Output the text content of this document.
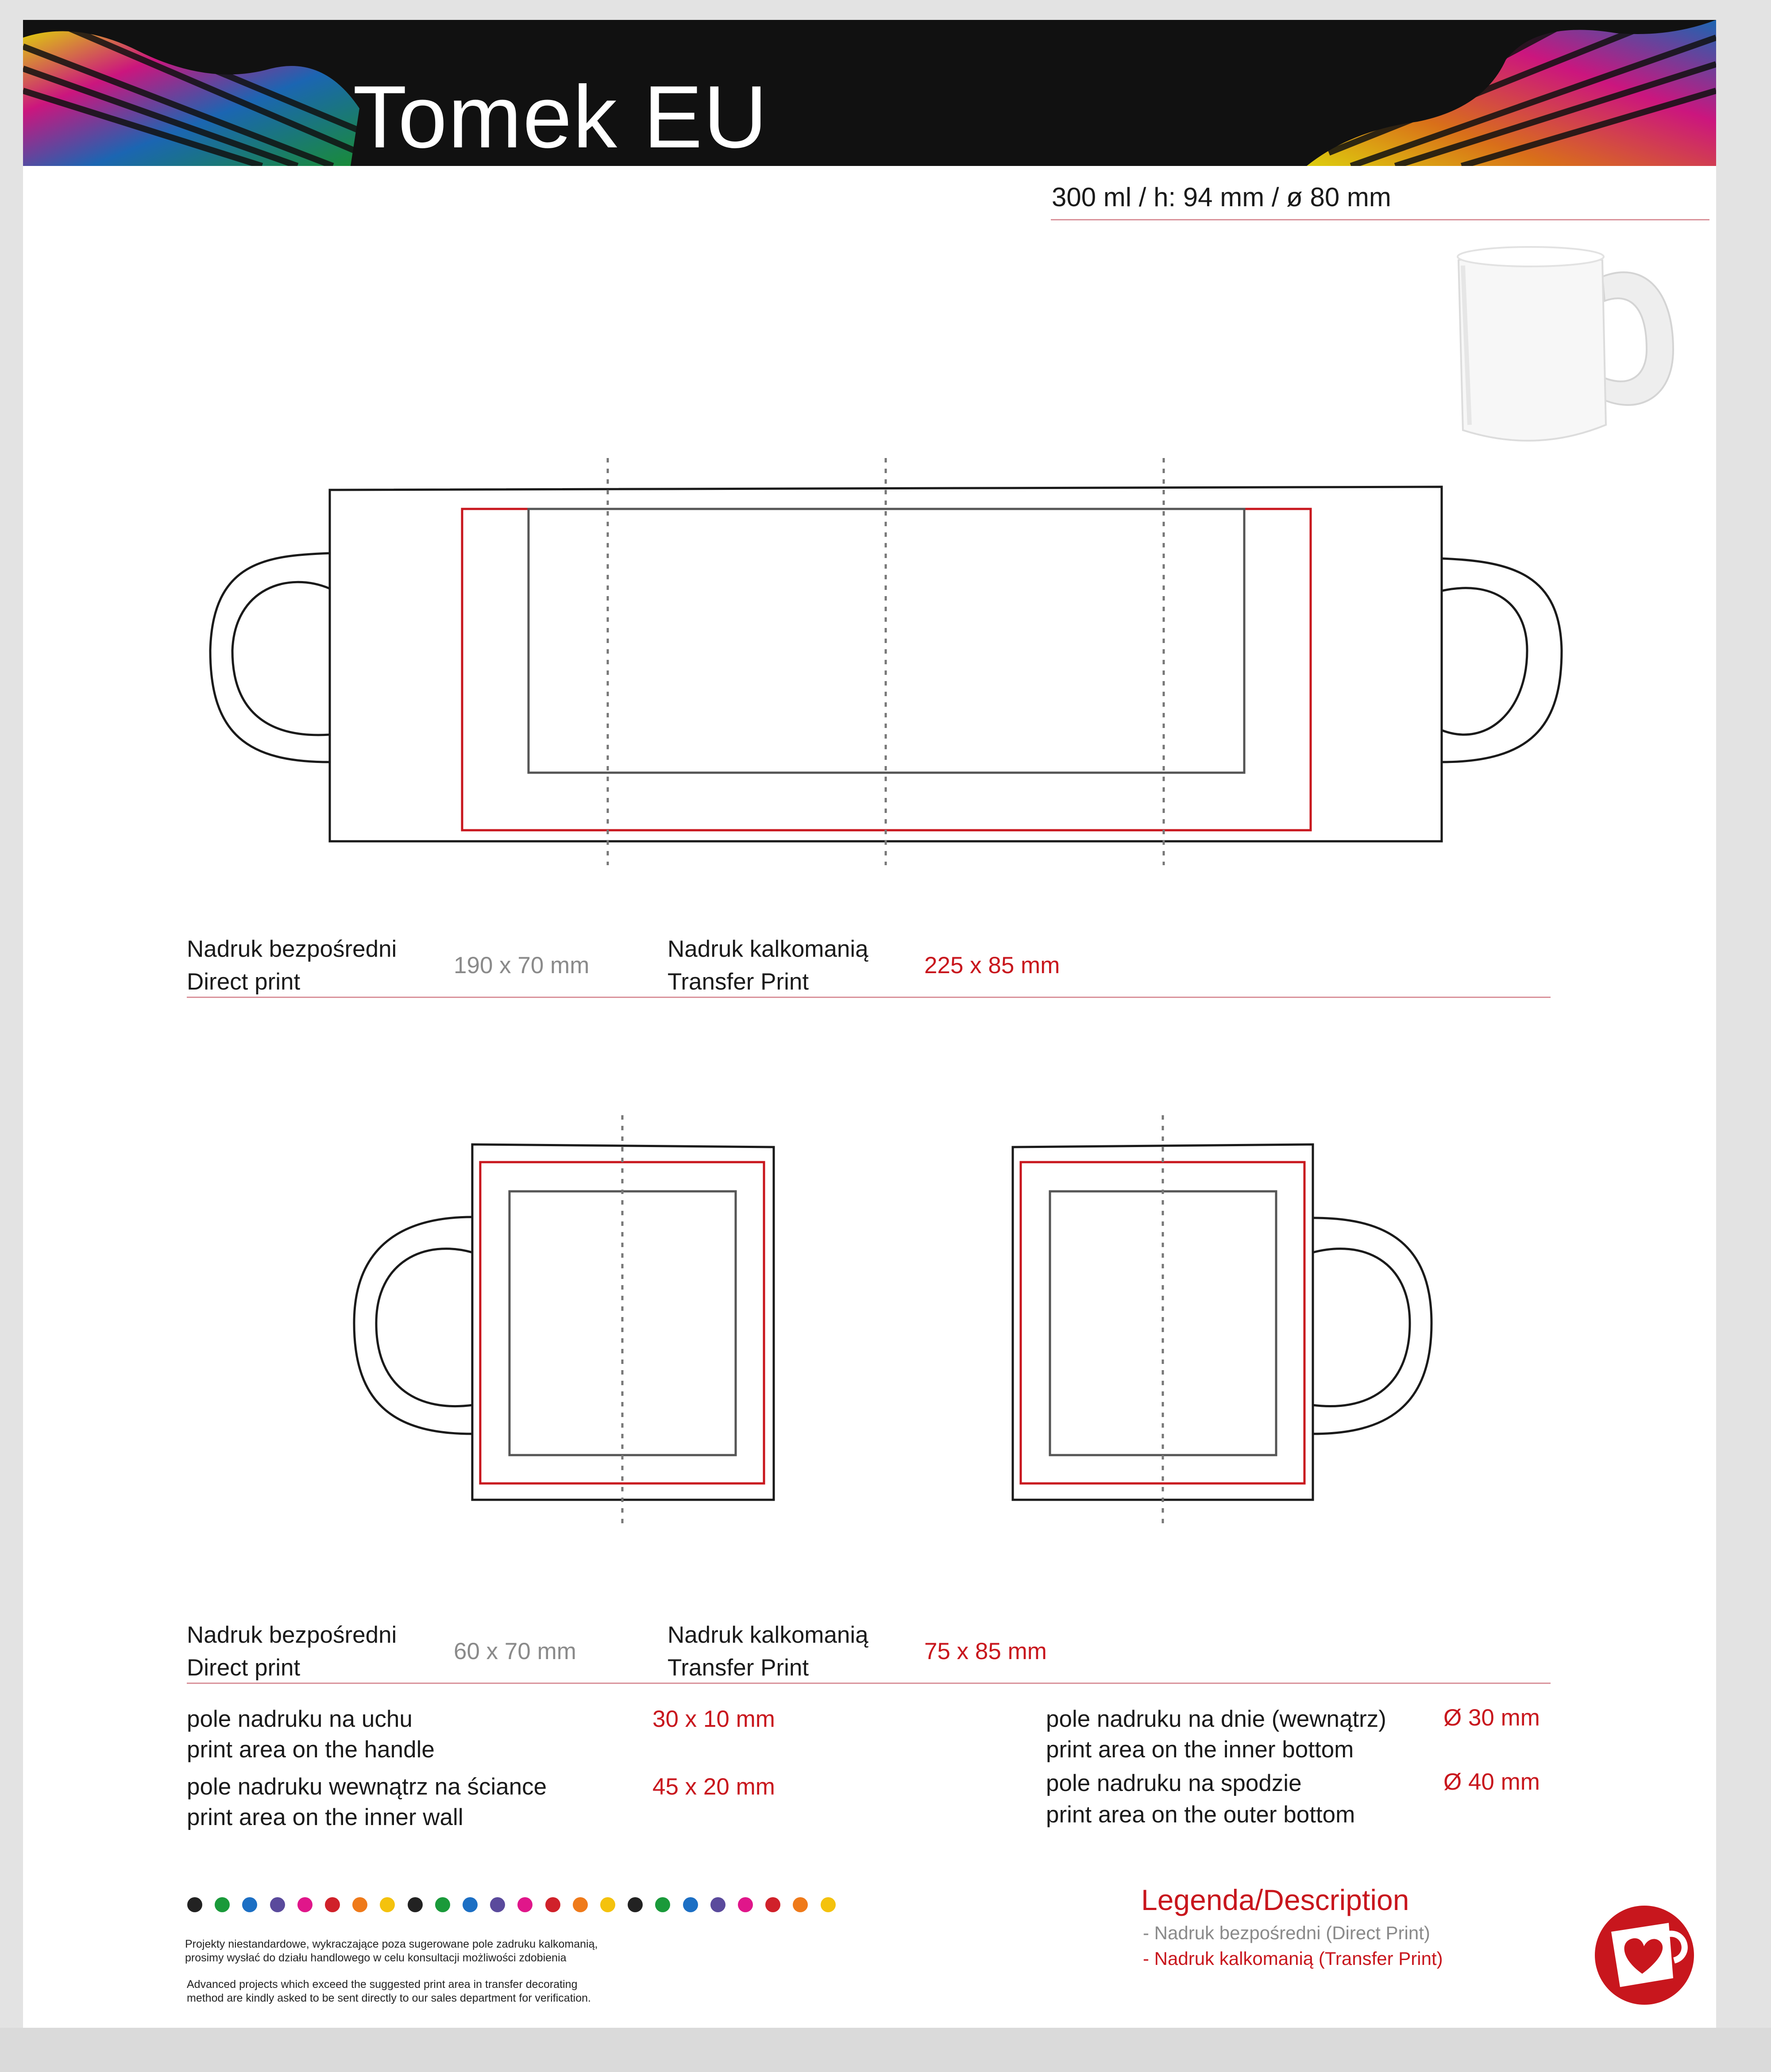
Tomek EU
300 ml / h: 94 mm / ø 80 mm
Nadruk bezpośredni
Direct print
190 x 70 mm
Nadruk kalkomanią
Transfer Print
225 x 85 mm
Nadruk bezpośredni
Direct print
60 x 70 mm
Nadruk kalkomanią
Transfer Print
75 x 85 mm
pole nadruku na uchu
print area on the handle
30 x 10 mm
pole nadruku wewnątrz na ściance
print area on the inner wall
45 x 20 mm
pole nadruku na dnie (wewnątrz)
print area on the inner bottom
Ø 30 mm
pole nadruku na spodzie
print area on the outer bottom
Ø 40 mm
Projekty niestandardowe, wykraczające poza sugerowane pole zadruku kalkomanią,
prosimy wysłać do działu handlowego w celu konsultacji możliwości zdobienia
Advanced projects which exceed the suggested print area in transfer decorating
method are kindly asked to be sent directly to our sales department for verification.
Legenda/Description
- Nadruk bezpośredni (Direct Print)
- Nadruk kalkomanią (Transfer Print)
